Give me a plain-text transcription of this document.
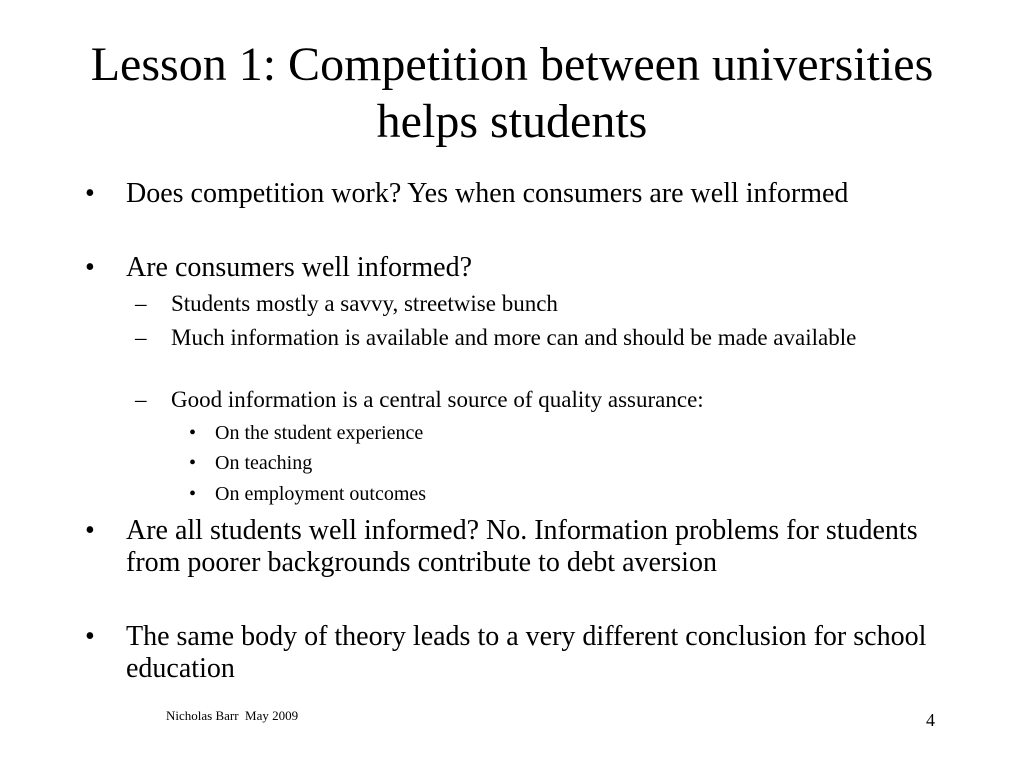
Lesson 1: Competition between universities helps students
• Does competition work? Yes when consumers are well informed
• Are consumers well informed?
– Students mostly a savvy, streetwise bunch
– Much information is available and more can and should be made available
– Good information is a central source of quality assurance:
• On the student experience
• On teaching
• On employment outcomes
• Are all students well informed? No. Information problems for students from poorer backgrounds contribute to debt aversion
• The same body of theory leads to a very different conclusion for school education
Nicholas Barr  May 2009	4
